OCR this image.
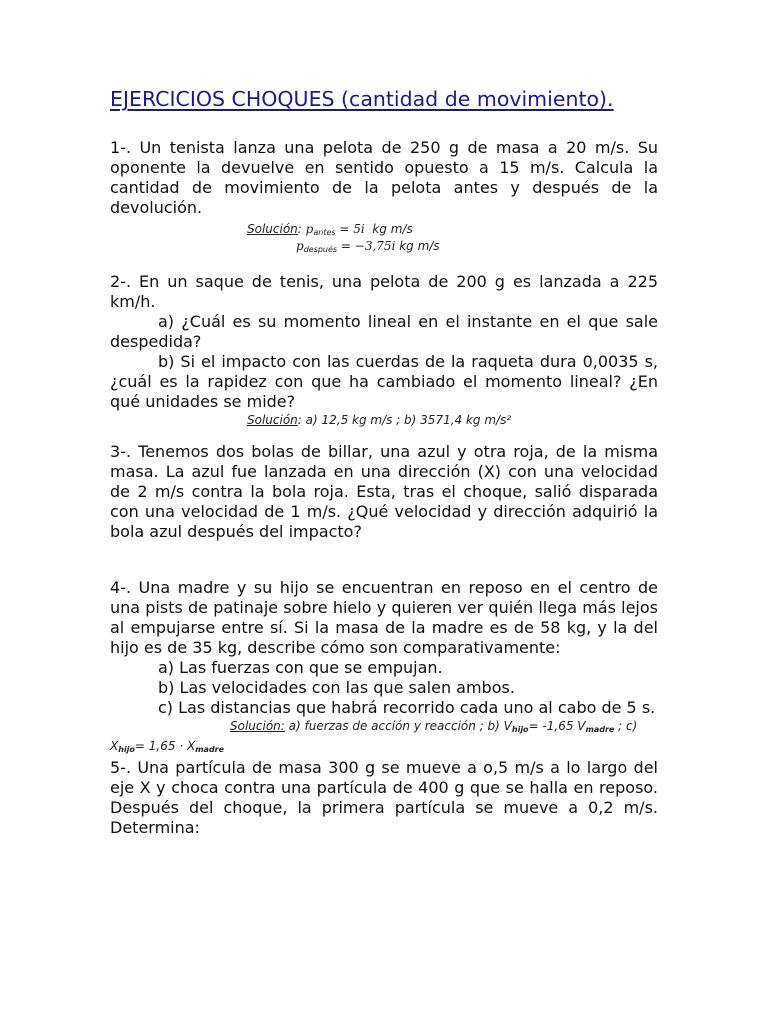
EJERCICIOS CHOQUES (cantidad de movimiento).

1-. Un tenista lanza una pelota de 250 g de masa a 20 m/s. Su oponente la devuelve en sentido opuesto a 15 m/s. Calcula la cantidad de movimiento de la pelota antes y después de la devolución.

Solución: $p_{antes} = 5i$ kg m/s
$p_{después} = -3,75i$ kg m/s

2-. En un saque de tenis, una pelota de 200 g es lanzada a 225 km/h.

a) ¿Cuál es su momento lineal en el instante en el que sale despedida?

b) Si el impacto con las cuerdas de la raqueta dura 0,0035 s, ¿cuál es la rapidez con que ha cambiado el momento lineal? ¿En qué unidades se mide?

Solución: a) 12,5 kg m/s ; b) 3571,4 kg m/s²

3-. Tenemos dos bolas de billar, una azul y otra roja, de la misma masa. La azul fue lanzada en una dirección (X) con una velocidad de 2 m/s contra la bola roja. Esta, tras el choque, salió disparada con una velocidad de 1 m/s. ¿Qué velocidad y dirección adquirió la bola azul después del impacto?

4-. Una madre y su hijo se encuentran en reposo en el centro de una pists de patinaje sobre hielo y quieren ver quién llega más lejos al empujarse entre sí. Si la masa de la madre es de 58 kg, y la del hijo es de 35 kg, describe cómo son comparativamente:

a) Las fuerzas con que se empujan.

b) Las velocidades con las que salen ambos.

c) Las distancias que habrá recorrido cada uno al cabo de 5 s.

Solución: a) fuerzas de acción y reacción ; b) Vhijo= -1,65 Vmadre ; c)
Xhijo= 1,65 · Xmadre

5-. Una partícula de masa 300 g se mueve a o,5 m/s a lo largo del eje X y choca contra una partícula de 400 g que se halla en reposo. Después del choque, la primera partícula se mueve a 0,2 m/s. Determina:
